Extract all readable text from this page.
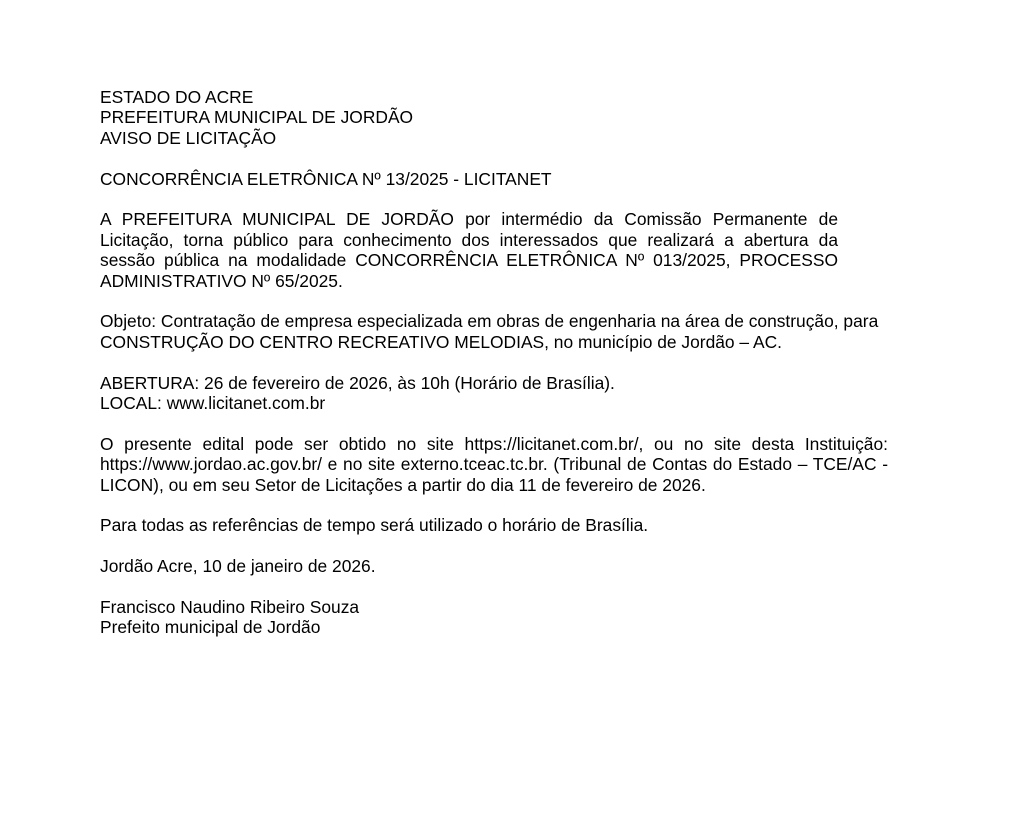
ESTADO DO ACRE
PREFEITURA MUNICIPAL DE JORDÃO
AVISO DE LICITAÇÃO
CONCORRÊNCIA ELETRÔNICA Nº 13/2025 - LICITANET
A PREFEITURA MUNICIPAL DE JORDÃO por intermédio da Comissão Permanente de Licitação, torna público para conhecimento dos interessados que realizará a abertura da sessão pública na modalidade CONCORRÊNCIA ELETRÔNICA Nº 013/2025, PROCESSO ADMINISTRATIVO Nº 65/2025.
Objeto: Contratação de empresa especializada em obras de engenharia na área de construção, para CONSTRUÇÃO DO CENTRO RECREATIVO MELODIAS, no município de Jordão – AC.
ABERTURA: 26 de fevereiro de 2026, às 10h (Horário de Brasília).
LOCAL: www.licitanet.com.br
O presente edital pode ser obtido no site https://licitanet.com.br/, ou no site desta Instituição: https://www.jordao.ac.gov.br/ e no site externo.tceac.tc.br. (Tribunal de Contas do Estado – TCE/AC - LICON), ou em seu Setor de Licitações a partir do dia 11 de fevereiro de 2026.
Para todas as referências de tempo será utilizado o horário de Brasília.
Jordão Acre, 10 de janeiro de 2026.
Francisco Naudino Ribeiro Souza
Prefeito municipal de Jordão
